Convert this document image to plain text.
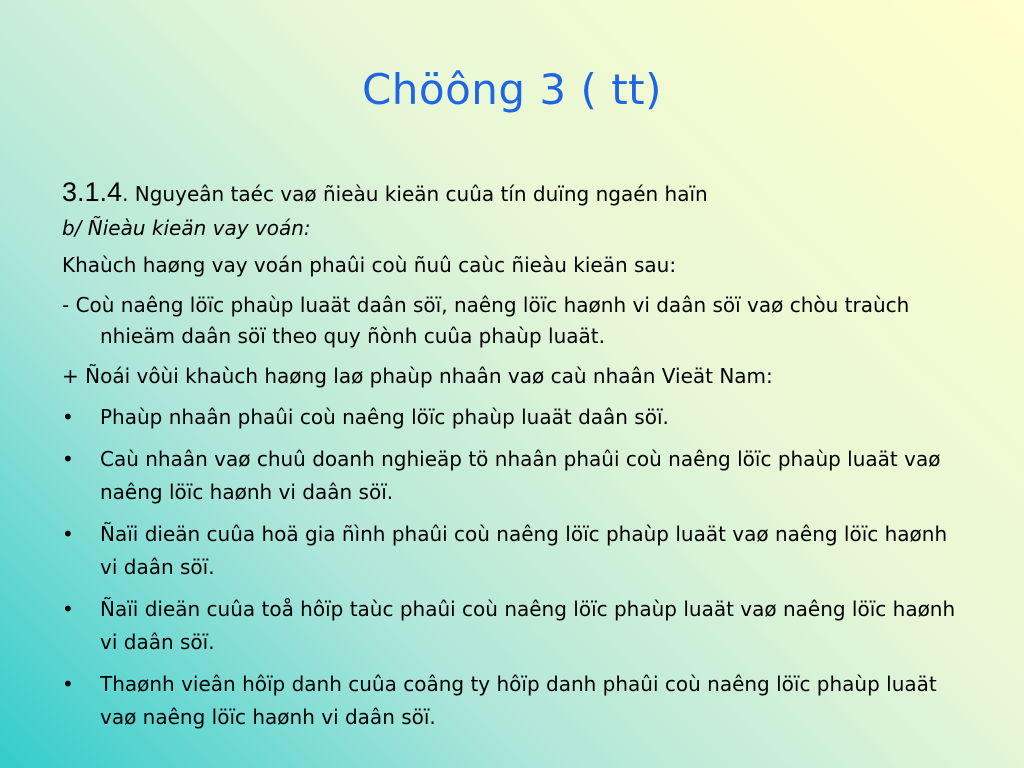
Chöông 3 ( tt)
3.1.4. Nguyeân taéc vaø ñieàu kieän cuûa tín duïng ngaén haïn
b/ Ñieàu kieän vay voán:
Khaùch haøng vay voán phaûi coù ñuû caùc ñieàu kieän sau:
- Coù naêng löïc phaùp luaät daân söï, naêng löïc haønh vi daân söï vaø chòu traùch nhieäm daân söï theo quy ñònh cuûa phaùp luaät.
+ Ñoái vôùi khaùch haøng laø phaùp nhaân vaø caù nhaân Vieät Nam:
• Phaùp nhaân phaûi coù naêng löïc phaùp luaät daân söï.
• Caù nhaân vaø chuû doanh nghieäp tö nhaân phaûi coù naêng löïc phaùp luaät vaø naêng löïc haønh vi daân söï.
• Ñaïi dieän cuûa hoä gia ñình phaûi coù naêng löïc phaùp luaät vaø naêng löïc haønh vi daân söï.
• Ñaïi dieän cuûa toå hôïp taùc phaûi coù naêng löïc phaùp luaät vaø naêng löïc haønh vi daân söï.
• Thaønh vieân hôïp danh cuûa coâng ty hôïp danh phaûi coù naêng löïc phaùp luaät vaø naêng löïc haønh vi daân söï.
